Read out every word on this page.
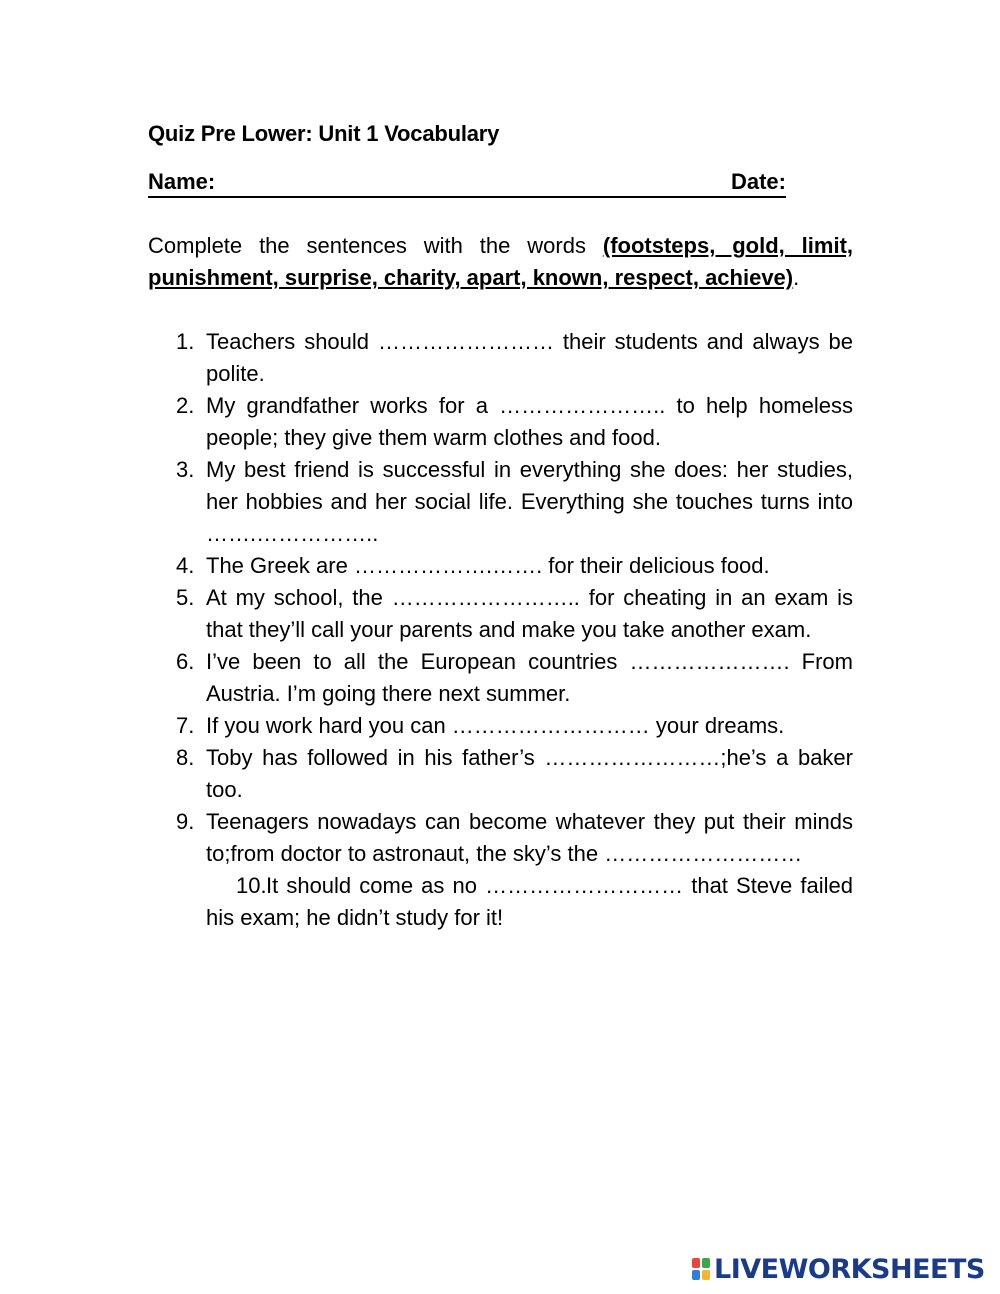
Quiz Pre Lower: Unit 1 Vocabulary
Name:	Date:
Complete the sentences with the words (footsteps, gold, limit, punishment, surprise, charity, apart, known, respect, achieve).
1. Teachers should …………………… their students and always be polite.
2. My grandfather works for a ………………….. to help homeless people; they give them warm clothes and food.
3. My best friend is successful in everything she does: her studies, her hobbies and her social life. Everything she touches turns into …….……………..
4. The Greek are ……………….……. for their delicious food.
5. At my school, the …………………….. for cheating in an exam is that they’ll call your parents and make you take another exam.
6. I’ve been to all the European countries …………………. From Austria. I’m going there next summer.
7. If you work hard you can ……………………… your dreams.
8. Toby has followed in his father’s ……………………;he’s a baker too.
9. Teenagers nowadays can become whatever they put their minds to;from doctor to astronaut, the sky’s the ………………………
10. It should come as no ……………………… that Steve failed his exam; he didn’t study for it!
LIVEWORKSHEETS
